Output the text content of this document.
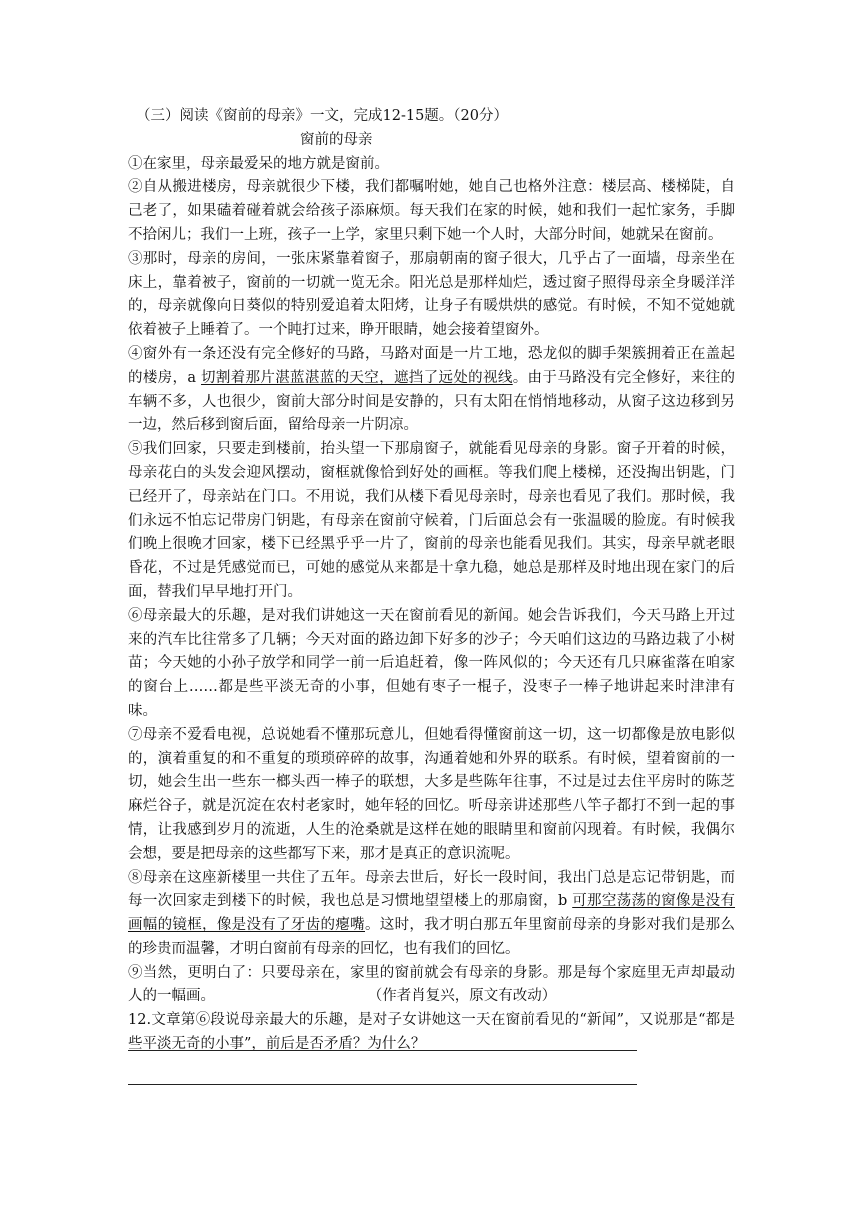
（三）阅读《窗前的母亲》一文，完成12-15题。（20分）
窗前的母亲
①在家里，母亲最爱呆的地方就是窗前。
②自从搬进楼房，母亲就很少下楼，我们都嘱咐她，她自己也格外注意：楼层高、楼梯陡，自己老了，如果磕着碰着就会给孩子添麻烦。每天我们在家的时候，她和我们一起忙家务，手脚不拾闲儿；我们一上班，孩子一上学，家里只剩下她一个人时，大部分时间，她就呆在窗前。
③那时，母亲的房间，一张床紧靠着窗子，那扇朝南的窗子很大，几乎占了一面墙，母亲坐在床上，靠着被子，窗前的一切就一览无余。阳光总是那样灿烂，透过窗子照得母亲全身暖洋洋的，母亲就像向日葵似的特别爱追着太阳烤，让身子有暖烘烘的感觉。有时候，不知不觉她就依着被子上睡着了。一个盹打过来，睁开眼睛，她会接着望窗外。
④窗外有一条还没有完全修好的马路，马路对面是一片工地，恐龙似的脚手架簇拥着正在盖起的楼房，a 切割着那片湛蓝湛蓝的天空，遮挡了远处的视线。由于马路没有完全修好，来往的车辆不多，人也很少，窗前大部分时间是安静的，只有太阳在悄悄地移动，从窗子这边移到另一边，然后移到窗后面，留给母亲一片阴凉。
⑤我们回家，只要走到楼前，抬头望一下那扇窗子，就能看见母亲的身影。窗子开着的时候，母亲花白的头发会迎风摆动，窗框就像恰到好处的画框。等我们爬上楼梯，还没掏出钥匙，门已经开了，母亲站在门口。不用说，我们从楼下看见母亲时，母亲也看见了我们。那时候，我们永远不怕忘记带房门钥匙，有母亲在窗前守候着，门后面总会有一张温暖的脸庞。有时候我们晚上很晚才回家，楼下已经黑乎乎一片了，窗前的母亲也能看见我们。其实，母亲早就老眼昏花，不过是凭感觉而已，可她的感觉从来都是十拿九稳，她总是那样及时地出现在家门的后面，替我们早早地打开门。
⑥母亲最大的乐趣，是对我们讲她这一天在窗前看见的新闻。她会告诉我们，今天马路上开过来的汽车比往常多了几辆；今天对面的路边卸下好多的沙子；今天咱们这边的马路边栽了小树苗；今天她的小孙子放学和同学一前一后追赶着，像一阵风似的；今天还有几只麻雀落在咱家的窗台上……都是些平淡无奇的小事，但她有枣子一棍子，没枣子一棒子地讲起来时津津有味。
⑦母亲不爱看电视，总说她看不懂那玩意儿，但她看得懂窗前这一切，这一切都像是放电影似的，演着重复的和不重复的琐琐碎碎的故事，沟通着她和外界的联系。有时候，望着窗前的一切，她会生出一些东一榔头西一棒子的联想，大多是些陈年往事，不过是过去住平房时的陈芝麻烂谷子，就是沉淀在农村老家时，她年轻的回忆。听母亲讲述那些八竿子都打不到一起的事情，让我感到岁月的流逝，人生的沧桑就是这样在她的眼睛里和窗前闪现着。有时候，我偶尔会想，要是把母亲的这些都写下来，那才是真正的意识流呢。
⑧母亲在这座新楼里一共住了五年。母亲去世后，好长一段时间，我出门总是忘记带钥匙，而每一次回家走到楼下的时候，我也总是习惯地望望楼上的那扇窗，b 可那空荡荡的窗像是没有画幅的镜框，像是没有了牙齿的瘪嘴。这时，我才明白那五年里窗前母亲的身影对我们是那么的珍贵而温馨，才明白窗前有母亲的回忆，也有我们的回忆。
⑨当然，更明白了：只要母亲在，家里的窗前就会有母亲的身影。那是每个家庭里无声却最动人的一幅画。	（作者肖复兴，原文有改动）
12.文章第⑥段说母亲最大的乐趣，是对子女讲她这一天在窗前看见的“新闻”，又说那是“都是些平淡无奇的小事”，前后是否矛盾？为什么？
